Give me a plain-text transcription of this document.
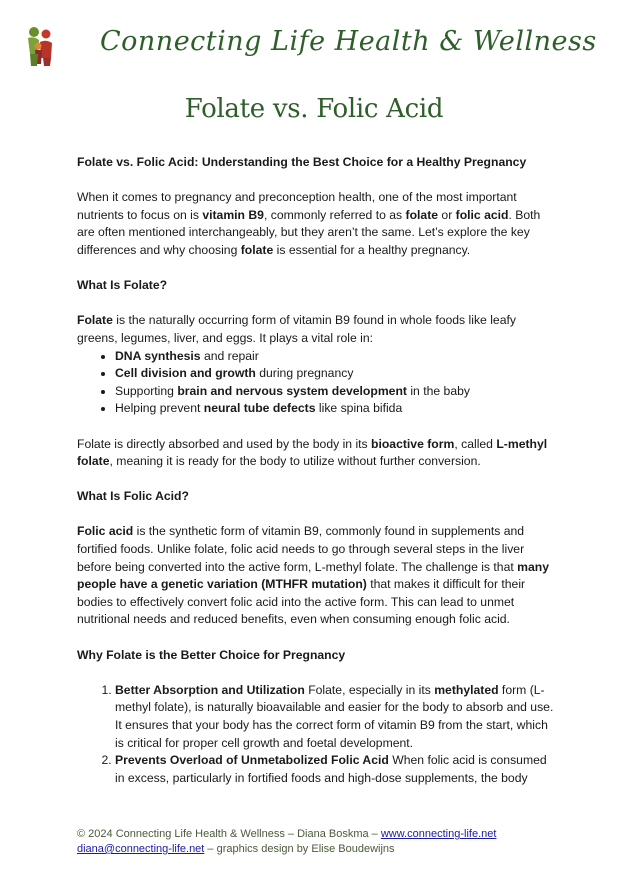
Connecting Life Health & Wellness
Folate vs. Folic Acid

Folate vs. Folic Acid: Understanding the Best Choice for a Healthy Pregnancy

When it comes to pregnancy and preconception health, one of the most important nutrients to focus on is vitamin B9, commonly referred to as folate or folic acid. Both are often mentioned interchangeably, but they aren’t the same. Let’s explore the key differences and why choosing folate is essential for a healthy pregnancy.

What Is Folate?

Folate is the naturally occurring form of vitamin B9 found in whole foods like leafy greens, legumes, liver, and eggs. It plays a vital role in:

• DNA synthesis and repair
• Cell division and growth during pregnancy
• Supporting brain and nervous system development in the baby
• Helping prevent neural tube defects like spina bifida

Folate is directly absorbed and used by the body in its bioactive form, called L-methyl folate, meaning it is ready for the body to utilize without further conversion.

What Is Folic Acid?

Folic acid is the synthetic form of vitamin B9, commonly found in supplements and fortified foods. Unlike folate, folic acid needs to go through several steps in the liver before being converted into the active form, L-methyl folate. The challenge is that many people have a genetic variation (MTHFR mutation) that makes it difficult for their bodies to effectively convert folic acid into the active form. This can lead to unmet nutritional needs and reduced benefits, even when consuming enough folic acid.

Why Folate is the Better Choice for Pregnancy

1. Better Absorption and Utilization Folate, especially in its methylated form (L-methyl folate), is naturally bioavailable and easier for the body to absorb and use. It ensures that your body has the correct form of vitamin B9 from the start, which is critical for proper cell growth and foetal development.
2. Prevents Overload of Unmetabolized Folic Acid When folic acid is consumed in excess, particularly in fortified foods and high-dose supplements, the body
© 2024 Connecting Life Health & Wellness – Diana Boskma – www.connecting-life.net
diana@connecting-life.net – graphics design by Elise Boudewijns
